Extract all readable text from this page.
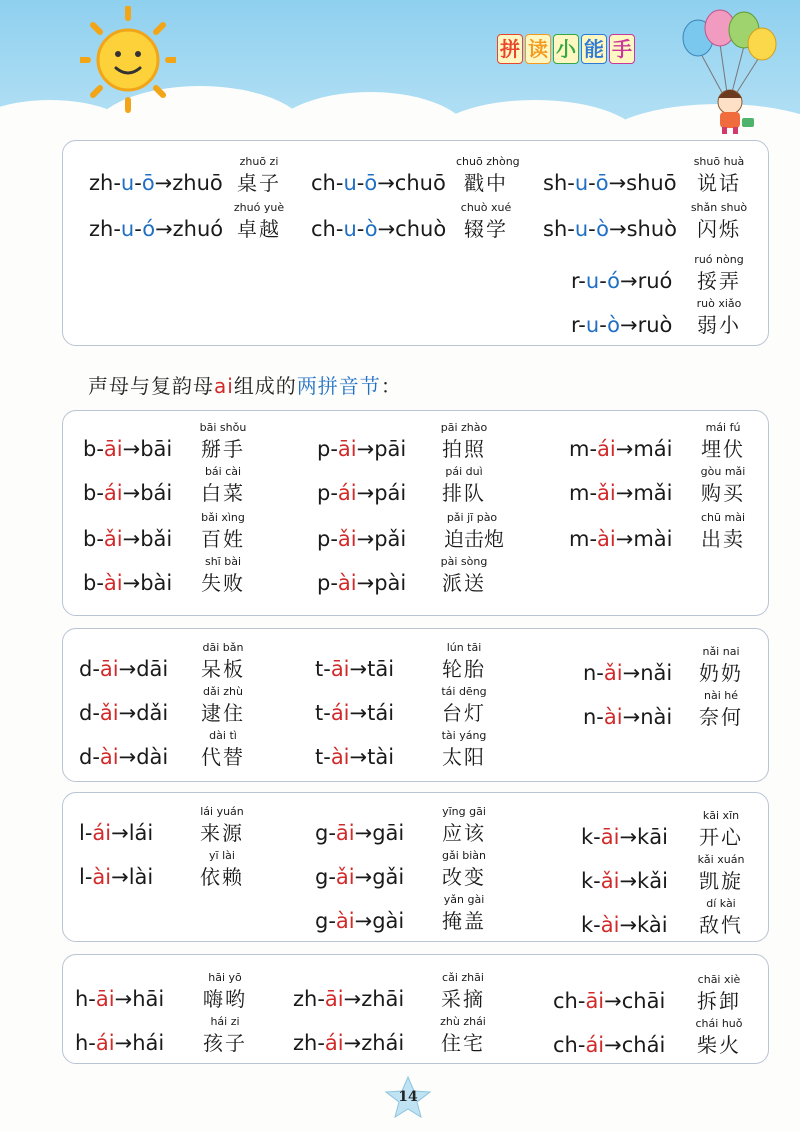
拼 读 小 能 手
zh-u-ō→zhuō
zhuō zi
桌子
zh-u-ó→zhuó
zhuó yuè
卓越
ch-u-ō→chuō
chuō zhòng
戳中
ch-u-ò→chuò
chuò xué
辍学
sh-u-ō→shuō
shuō huà
说话
sh-u-ò→shuò
shǎn shuò
闪烁
r-u-ó→ruó
ruó nòng
挼弄
r-u-ò→ruò
ruò xiǎo
弱小
声母与复韵母ai组成的两拼音节：
b-āi→bāi
bāi shǒu
掰手
b-ái→bái
bái cài
白菜
b-ǎi→bǎi
bǎi xìng
百姓
b-ài→bài
shī bài
失败
p-āi→pāi
pāi zhào
拍照
p-ái→pái
pái duì
排队
p-ǎi→pǎi
pǎi jī pào
迫击炮
p-ài→pài
pài sòng
派送
m-ái→mái
mái fú
埋伏
m-ǎi→mǎi
gòu mǎi
购买
m-ài→mài
chū mài
出卖
d-āi→dāi
dāi bǎn
呆板
d-ǎi→dǎi
dǎi zhù
逮住
d-ài→dài
dài tì
代替
t-āi→tāi
lún tāi
轮胎
t-ái→tái
tái dēng
台灯
t-ài→tài
tài yáng
太阳
n-ǎi→nǎi
nǎi nai
奶奶
n-ài→nài
nài hé
奈何
l-ái→lái
lái yuán
来源
l-ài→lài
yī lài
依赖
g-āi→gāi
yīng gāi
应该
g-ǎi→gǎi
gǎi biàn
改变
g-ài→gài
yǎn gài
掩盖
k-āi→kāi
kāi xīn
开心
k-ǎi→kǎi
kǎi xuán
凯旋
k-ài→kài
dí kài
敌忾
h-āi→hāi
hāi yō
嗨哟
h-ái→hái
hái zi
孩子
zh-āi→zhāi
cǎi zhāi
采摘
zh-ái→zhái
zhù zhái
住宅
ch-āi→chāi
chāi xiè
拆卸
ch-ái→chái
chái huǒ
柴火
14
